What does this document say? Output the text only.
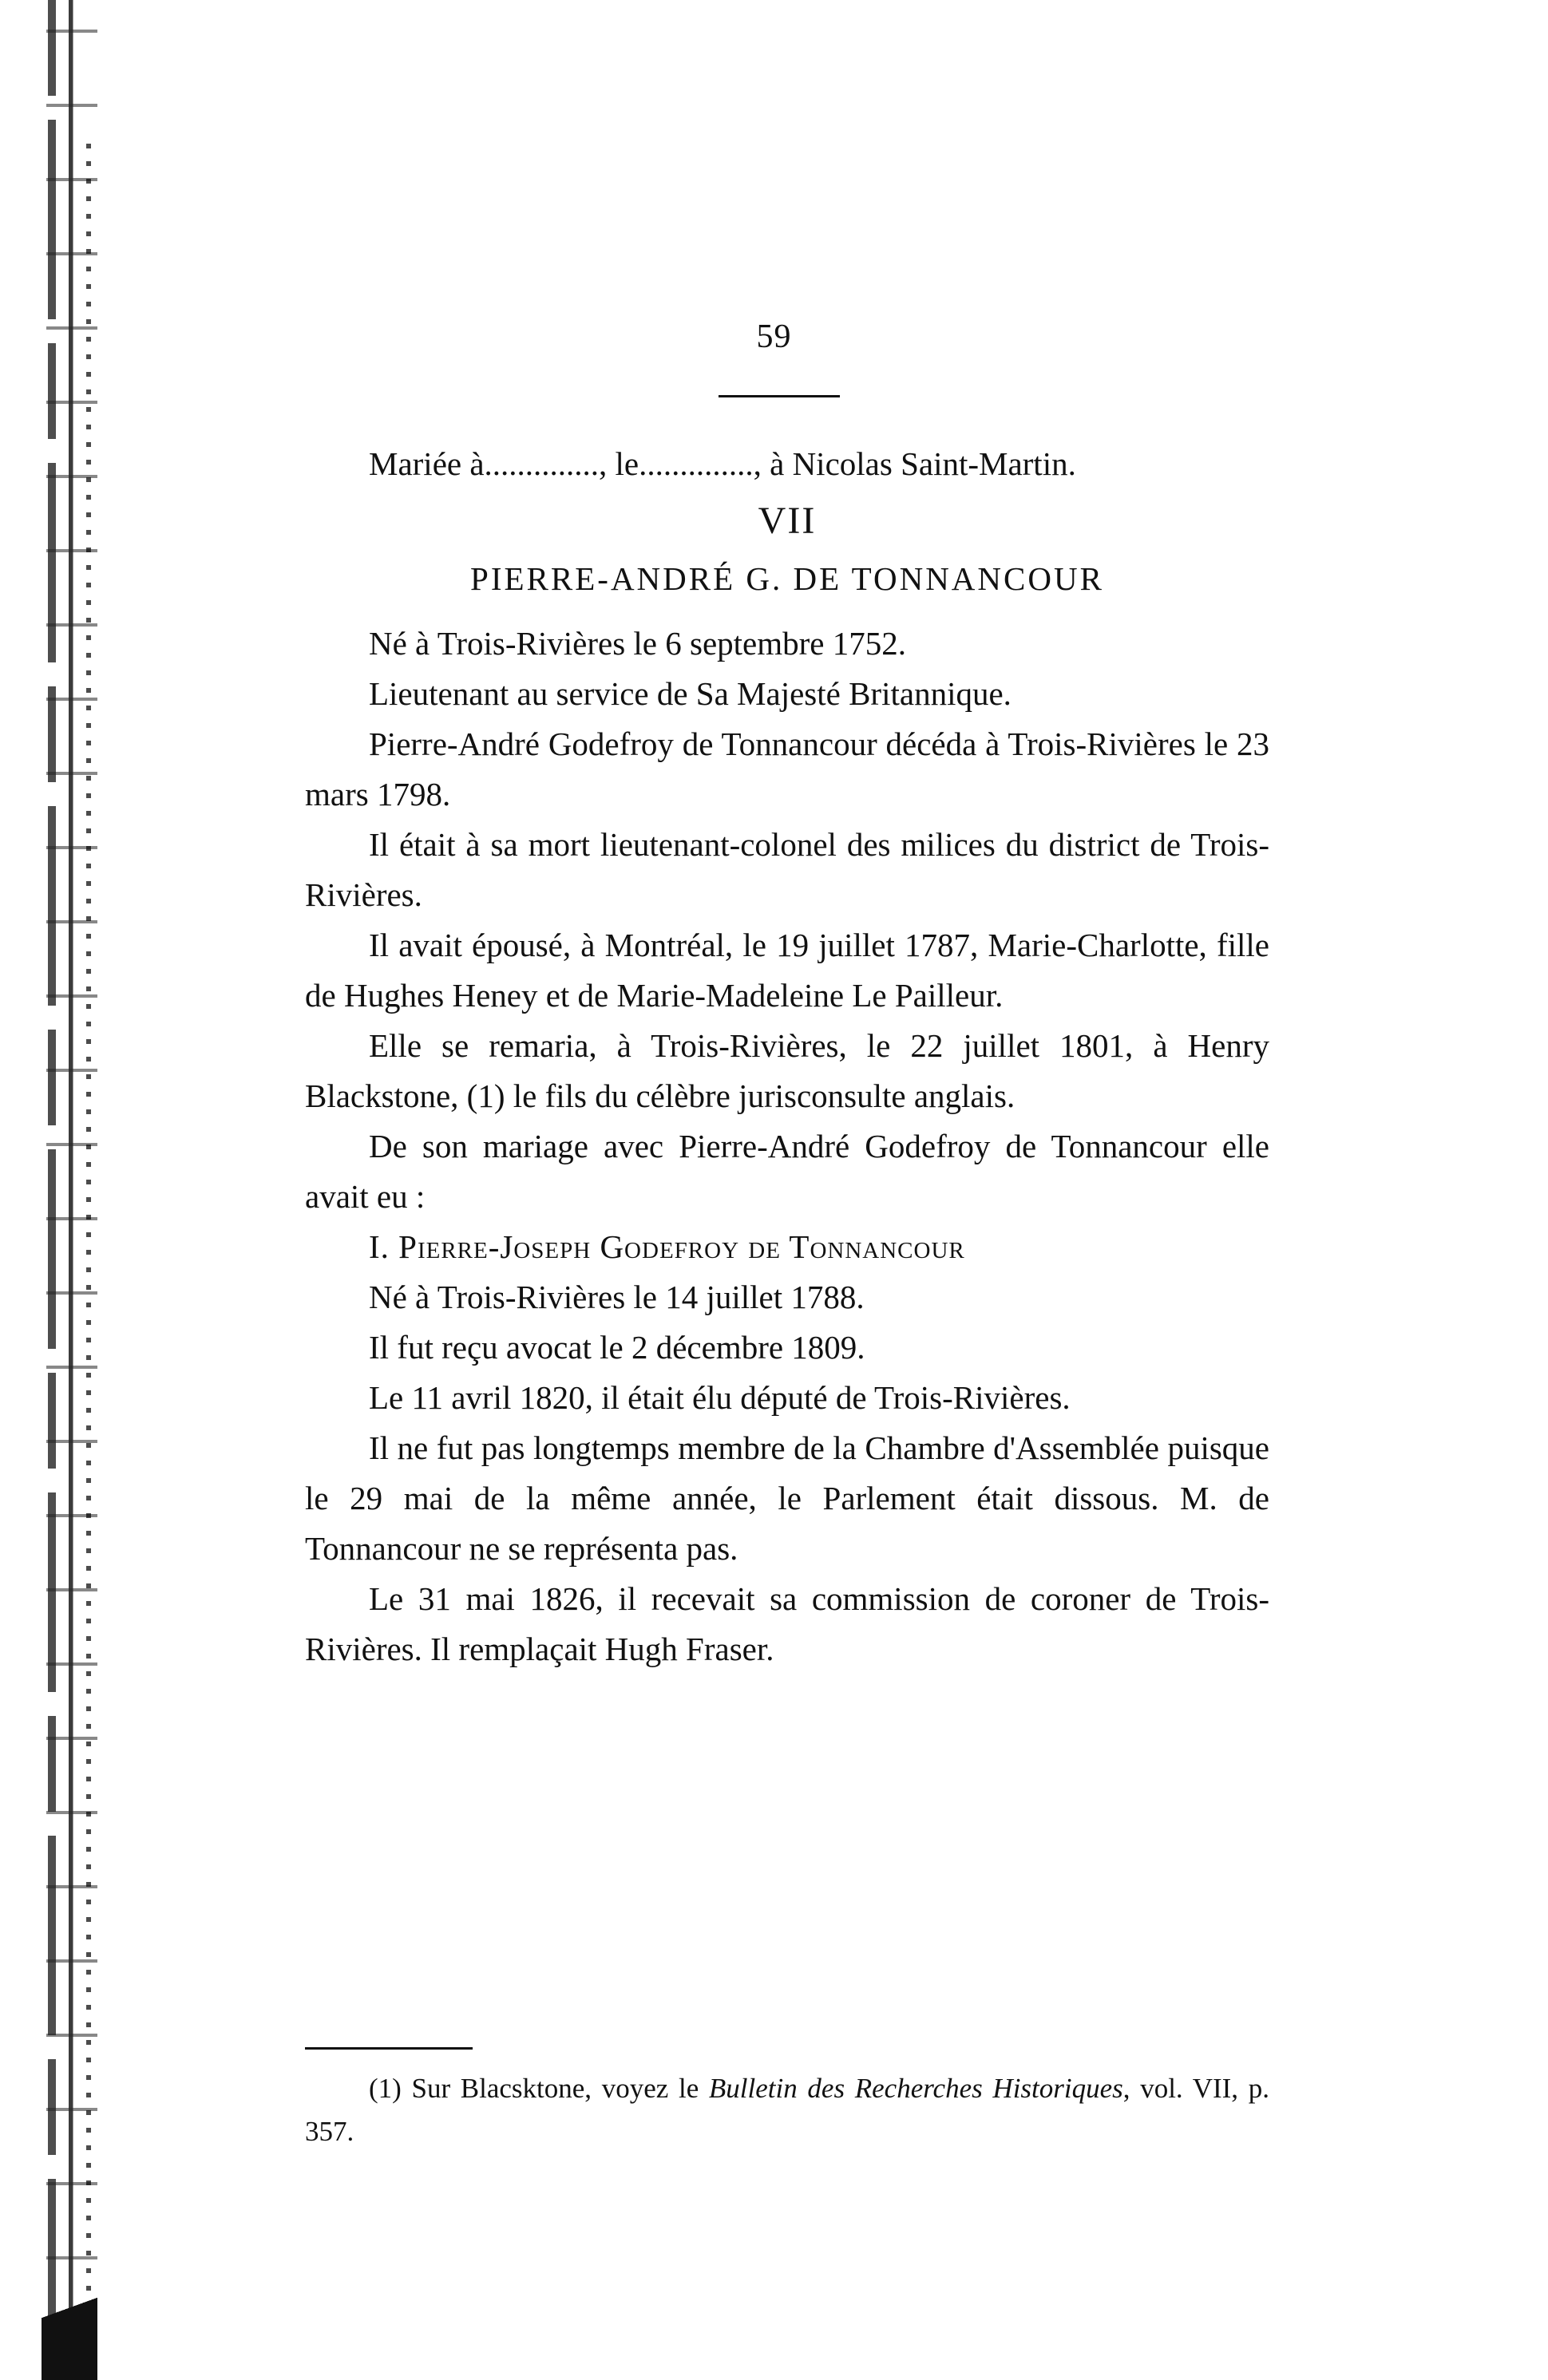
59

Mariée à.............., le.............., à Nicolas Saint-Martin.

VII
PIERRE-ANDRÉ G. DE TONNANCOUR

Né à Trois-Rivières le 6 septembre 1752.

Lieutenant au service de Sa Majesté Britannique.

Pierre-André Godefroy de Tonnancour décéda à Trois-Rivières le 23 mars 1798.

Il était à sa mort lieutenant-colonel des milices du district de Trois-Rivières.

Il avait épousé, à Montréal, le 19 juillet 1787, Marie-Charlotte, fille de Hughes Heney et de Marie-Madeleine Le Pailleur.

Elle se remaria, à Trois-Rivières, le 22 juillet 1801, à Henry Blackstone, (1) le fils du célèbre jurisconsulte anglais.

De son mariage avec Pierre-André Godefroy de Tonnancour elle avait eu :

I. Pierre-Joseph Godefroy de Tonnancour

Né à Trois-Rivières le 14 juillet 1788.

Il fut reçu avocat le 2 décembre 1809.

Le 11 avril 1820, il était élu député de Trois-Rivières.

Il ne fut pas longtemps membre de la Chambre d'Assemblée puisque le 29 mai de la même année, le Parlement était dissous. M. de Tonnancour ne se représenta pas.

Le 31 mai 1826, il recevait sa commission de coroner de Trois-Rivières. Il remplaçait Hugh Fraser.

(1) Sur Blacsktone, voyez le Bulletin des Recherches Historiques, vol. VII, p. 357.
